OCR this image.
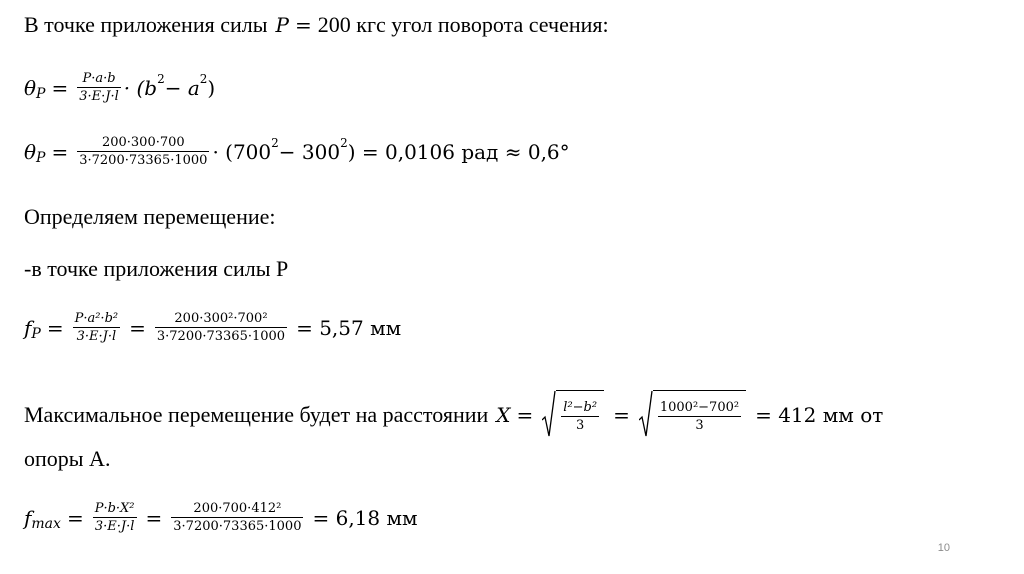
В точке приложения силы P = 200 кгс угол поворота сечения:
θ $P = \frac{P\cdot a\cdot b}{3\cdot E\cdot J\cdot l} \cdot (b$ 2 − a 2 )
θ $P = \frac{200\cdot 300\cdot 700}{3\cdot 7200\cdot 73365\cdot 1000} \cdot (700$ 2 − 300 2 ) = 0,0106 рад ≈ 0,6°
Определяем перемещение:
-в точке приложения силы Р
f $P = \frac{\text{P·a²·b²}}{3\cdot E\cdot J\cdot l} = \frac{\text{200·300²·700²}}{3\cdot 7200\cdot 73365\cdot 1000} = 5,57$ мм
Максимальное перемещение будет на расстоянии X =	$\frac{\text{l²−b²}}{3}$ =	$\frac{\text{1000²−700²}}{3} = 412$ мм от
опоры А.
f $\max = \frac{\text{P·b·X²}}{3\cdot E\cdot J\cdot l} = \frac{\text{200·700·412²}}{3\cdot 7200\cdot 73365\cdot 1000} = 6,18$ мм
10
